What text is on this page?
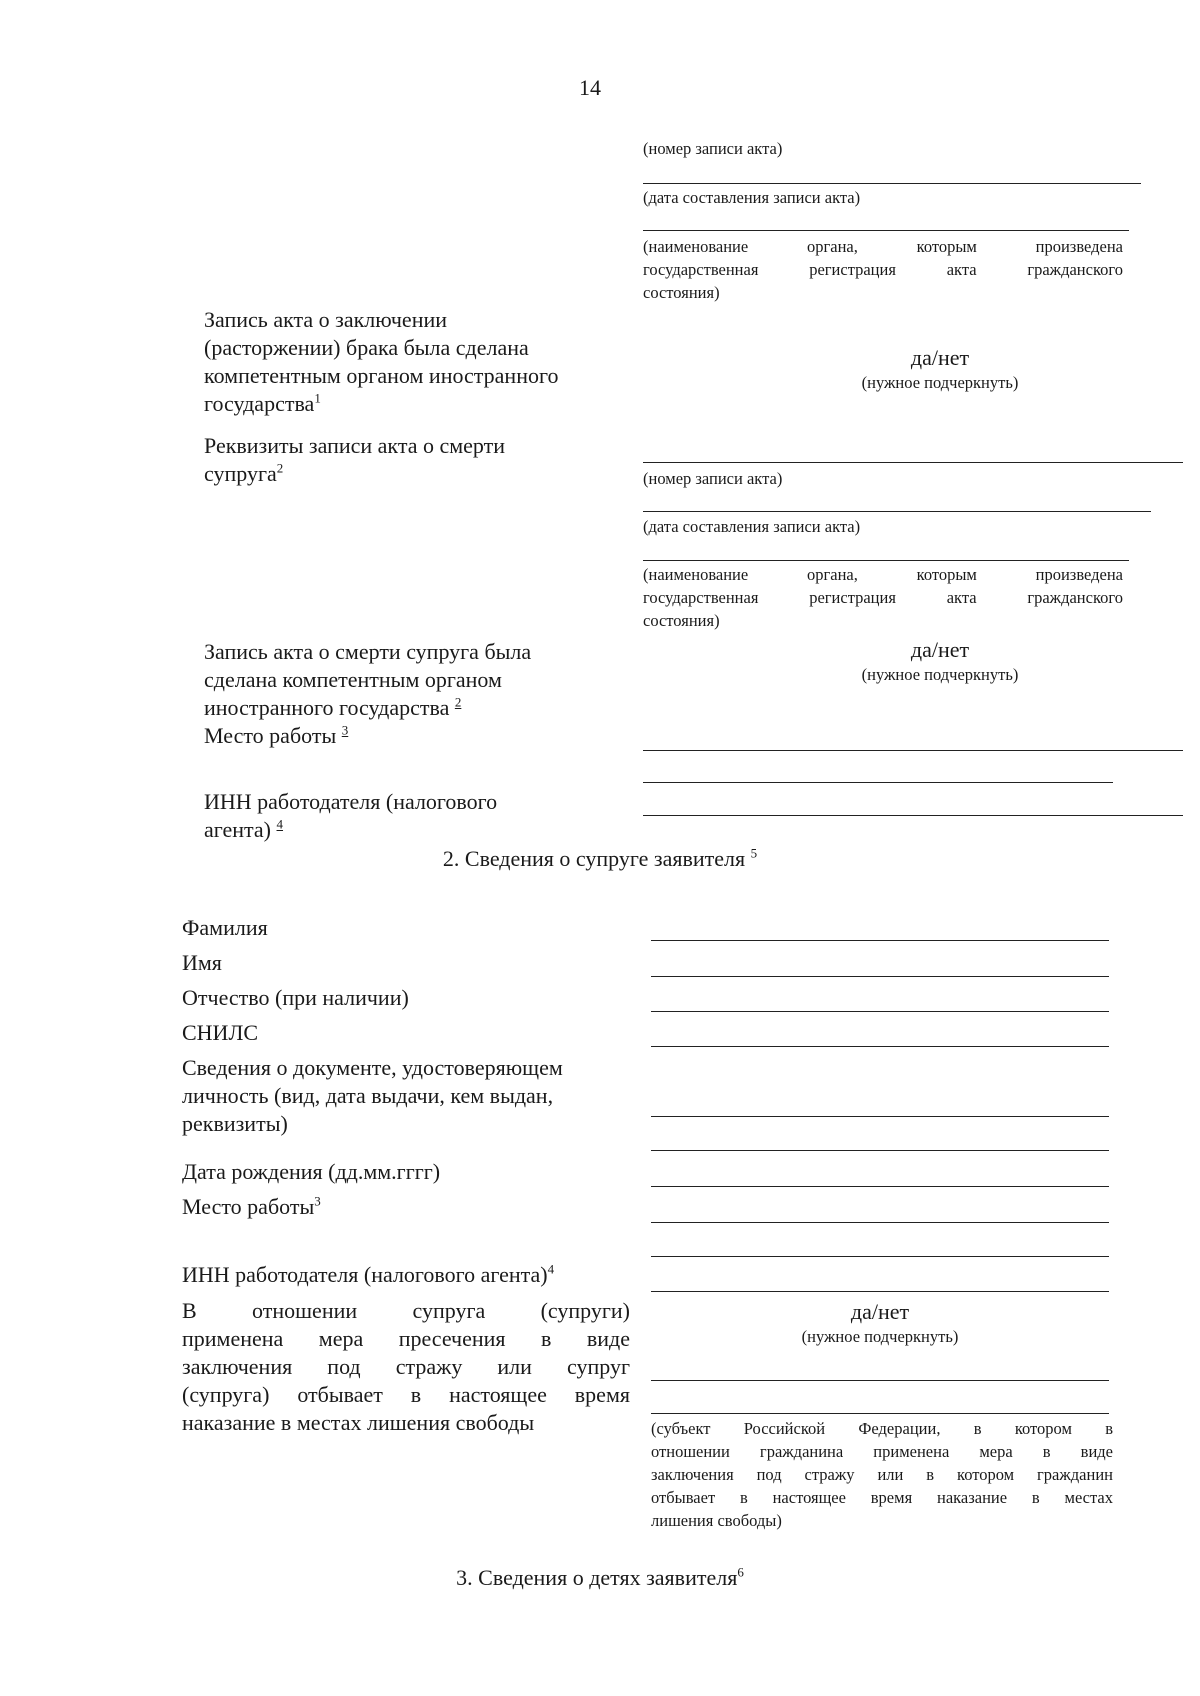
14
(номер записи акта)
(дата составления записи акта)
(наименование органа, которым произведена
государственная регистрация акта гражданского
состояния)
Запись акта о заключении
(расторжении) брака была сделана
компетентным органом иностранного
государства$^1$
да/нет
(нужное подчеркнуть)
Реквизиты записи акта о смерти
супруга$^2$
(номер записи акта)
(дата составления записи акта)
(наименование органа, которым произведена
государственная регистрация акта гражданского
состояния)
Запись акта о смерти супруга была
сделана компетентным органом
иностранного государства $^2$
да/нет
(нужное подчеркнуть)
Место работы $^3$
ИНН работодателя (налогового
агента) $^4$
2. Сведения о супруге заявителя $^5$
Фамилия
Имя
Отчество (при наличии)
СНИЛС
Сведения о документе, удостоверяющем
личность (вид, дата выдачи, кем выдан,
реквизиты)
Дата рождения (дд.мм.гггг)
Место работы$^3$
ИНН работодателя (налогового агента)$^4$
В отношении супруга (супруги)
применена мера пресечения в виде
заключения под стражу или супруг
(супруга) отбывает в настоящее время
наказание в местах лишения свободы
да/нет
(нужное подчеркнуть)
(субъект Российской Федерации, в котором в
отношении гражданина применена мера в виде
заключения под стражу или в котором гражданин
отбывает в настоящее время наказание в местах
лишения свободы)
3. Сведения о детях заявителя$^6$
